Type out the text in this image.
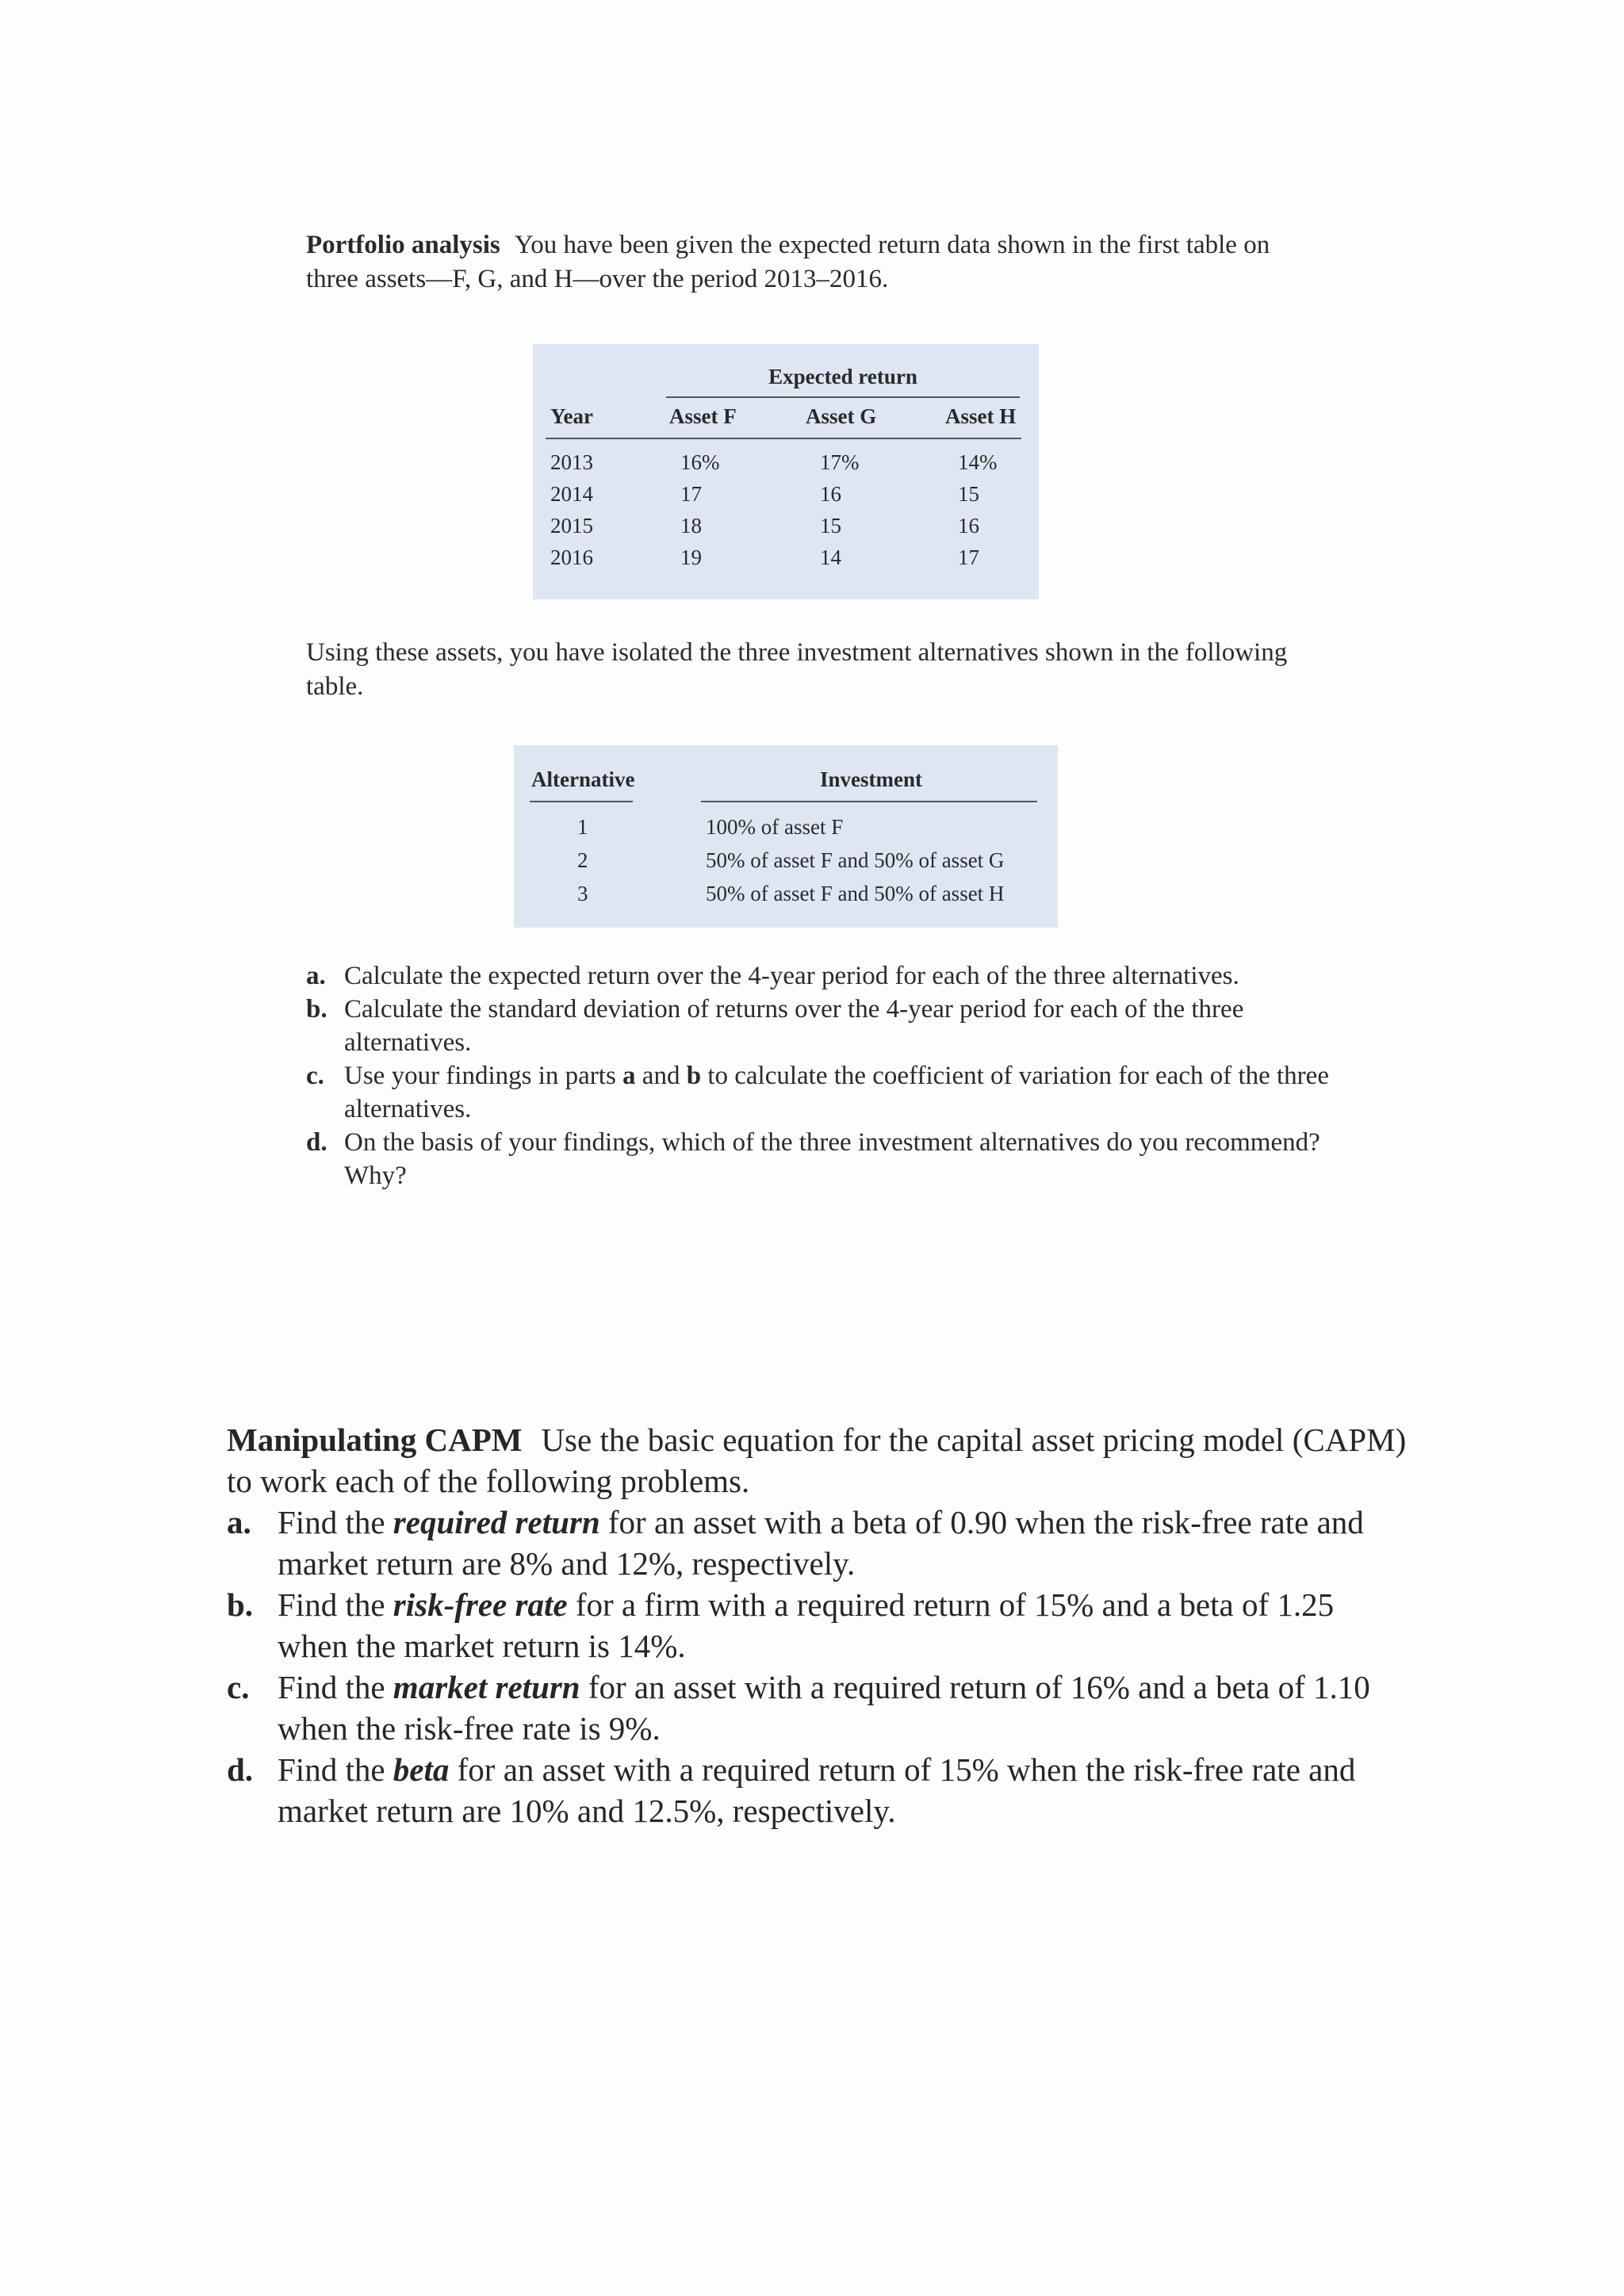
Portfolio analysis You have been given the expected return data shown in the first table on three assets—F, G, and H—over the period 2013–2016.
Expected return
Year	Asset F	Asset G	Asset H
2013	16%	17%	14%
2014	17	16	15
2015	18	15	16
2016	19	14	17
Using these assets, you have isolated the three investment alternatives shown in the following table.
Alternative	Investment
1	100% of asset F
2	50% of asset F and 50% of asset G
3	50% of asset F and 50% of asset H

a. Calculate the expected return over the 4-year period for each of the three alternatives.

b. Calculate the standard deviation of returns over the 4-year period for each of the three alternatives.

c. Use your findings in parts a and b to calculate the coefficient of variation for each of the three alternatives.

d. On the basis of your findings, which of the three investment alternatives do you recommend? Why?

Manipulating CAPM Use the basic equation for the capital asset pricing model (CAPM) to work each of the following problems.

a. Find the required return for an asset with a beta of 0.90 when the risk-free rate and market return are 8% and 12%, respectively.

b. Find the risk-free rate for a firm with a required return of 15% and a beta of 1.25 when the market return is 14%.

c. Find the market return for an asset with a required return of 16% and a beta of 1.10 when the risk-free rate is 9%.

d. Find the beta for an asset with a required return of 15% when the risk-free rate and market return are 10% and 12.5%, respectively.
